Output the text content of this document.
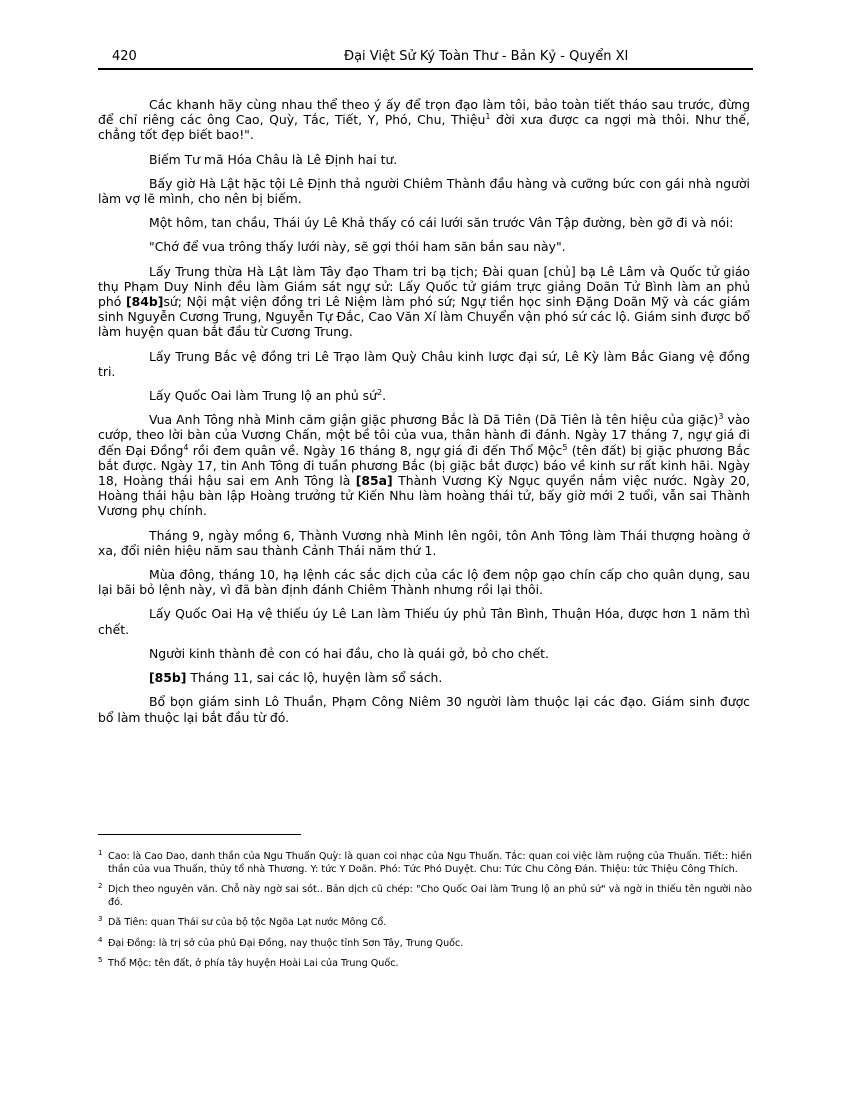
420	Đại Việt Sử Ký Toàn Thư - Bản Kỷ - Quyển XI

Các khanh hãy cùng nhau thể theo ý ấy để trọn đạo làm tôi, bảo toàn tiết tháo sau trước, đừng để chỉ riêng các ông Cao, Quỳ, Tắc, Tiết, Y, Phó, Chu, Thiệu$^1$ đời xưa được ca ngợi mà thôi. Như thế, chẳng tốt đẹp biết bao!".

Biếm Tư mã Hóa Châu là Lê Định hai tư.

Bấy giờ Hà Lật hặc tội Lê Định thả người Chiêm Thành đầu hàng và cưỡng bức con gái nhà người làm vợ lẽ mình, cho nên bị biếm.

Một hôm, tan chầu, Thái úy Lê Khả thấy có cái lưới săn trước Vân Tập đường, bèn gỡ đi và nói:

"Chớ để vua trông thấy lưới này, sẽ gợi thói ham săn bắn sau này".

Lấy Trung thừa Hà Lật làm Tây đạo Tham tri bạ tịch; Đài quan [chủ] bạ Lê Lâm và Quốc tử giáo thụ Phạm Duy Ninh đều làm Giám sát ngự sử: Lấy Quốc tử giám trực giảng Doãn Tử Bình làm an phủ phó [84b]sứ; Nội mật viện đồng tri Lê Niệm làm phó sứ; Ngự tiền học sinh Đặng Doãn Mỹ và các giám sinh Nguyễn Cương Trung, Nguyễn Tự Đắc, Cao Văn Xí làm Chuyển vận phó sứ các lộ. Giám sinh được bổ làm huyện quan bắt đầu từ Cương Trung.

Lấy Trung Bắc vệ đồng tri Lê Trạo làm Quỳ Châu kinh lược đại sứ, Lê Kỳ làm Bắc Giang vệ đồng tri.

Lấy Quốc Oai làm Trung lộ an phủ sứ$^2$.

Vua Anh Tông nhà Minh căm giận giặc phương Bắc là Dã Tiên (Dã Tiên là tên hiệu của giặc)$^3$ vào cướp, theo lời bàn của Vương Chấn, một bề tôi của vua, thân hành đi đánh. Ngày 17 tháng 7, ngự giá đi đến Đại Đồng$^4$ rồi đem quân về. Ngày 16 tháng 8, ngự giá đi đến Thổ Mộc$^5$ (tên đất) bị giặc phương Bắc bắt được. Ngày 17, tin Anh Tông đi tuần phương Bắc (bị giặc bắt được) báo về kinh sư rất kinh hãi. Ngày 18, Hoàng thái hậu sai em Anh Tông là [85a] Thành Vương Kỳ Ngục quyền nắm việc nước. Ngày 20, Hoàng thái hậu bàn lập Hoàng trưởng tử Kiến Nhu làm hoàng thái tử, bấy giờ mới 2 tuổi, vẫn sai Thành Vương phụ chính.

Tháng 9, ngày mồng 6, Thành Vương nhà Minh lên ngôi, tôn Anh Tông làm Thái thượng hoàng ở xa, đổi niên hiệu năm sau thành Cảnh Thái năm thứ 1.

Mùa đông, tháng 10, hạ lệnh các sắc dịch của các lộ đem nộp gạo chín cấp cho quân dụng, sau lại bãi bỏ lệnh này, vì đã bàn định đánh Chiêm Thành nhưng rồi lại thôi.

Lấy Quốc Oai Hạ vệ thiếu úy Lê Lan làm Thiếu úy phủ Tân Bình, Thuận Hóa, được hơn 1 năm thì chết.

Người kinh thành đẻ con có hai đầu, cho là quái gở, bỏ cho chết.

[85b] Tháng 11, sai các lộ, huyện làm sổ sách.

Bổ bọn giám sinh Lô Thuần, Phạm Công Niêm 30 người làm thuộc lại các đạo. Giám sinh được bổ làm thuộc lại bắt đầu từ đó.

1 Cao: là Cao Dao, danh thần của Ngu Thuấn Quỳ: là quan coi nhạc của Ngu Thuấn. Tắc: quan coi việc làm ruộng của Thuấn. Tiết:: hiền thần của vua Thuấn, thủy tổ nhà Thương. Y: tức Y Doãn. Phó: Tức Phó Duyệt. Chu: Tức Chu Công Đán. Thiệu: tức Thiệu Công Thích.
2 Dịch theo nguyên văn. Chỗ này ngờ sai sót.. Bản dịch cũ chép: "Cho Quốc Oai làm Trung lộ an phủ sứ" và ngờ in thiếu tên người nào đó.
3 Dã Tiên: quan Thái sư của bộ tộc Ngõa Lạt nước Mông Cổ.
4 Đại Đồng: là trị sở của phủ Đại Đồng, nay thuộc tỉnh Sơn Tây, Trung Quốc.
5 Thổ Mộc: tên đất, ở phía tây huyện Hoài Lai của Trung Quốc.
